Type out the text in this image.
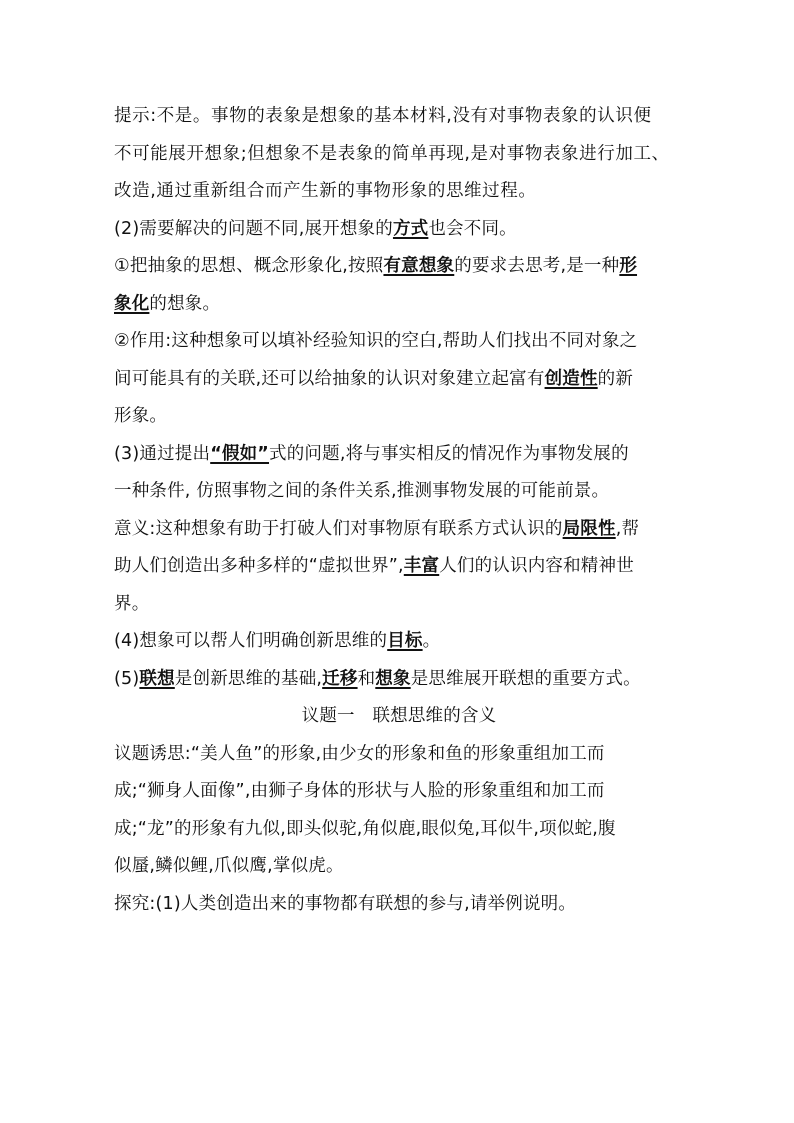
提示:不是。事物的表象是想象的基本材料,没有对事物表象的认识便
不可能展开想象;但想象不是表象的简单再现,是对事物表象进行加工、
改造,通过重新组合而产生新的事物形象的思维过程。
(2)需要解决的问题不同,展开想象的方式也会不同。
①把抽象的思想、概念形象化,按照有意想象的要求去思考,是一种形
象化的想象。
②作用:这种想象可以填补经验知识的空白,帮助人们找出不同对象之
间可能具有的关联,还可以给抽象的认识对象建立起富有创造性的新
形象。
(3)通过提出“假如”式的问题,将与事实相反的情况作为事物发展的
一种条件, 仿照事物之间的条件关系,推测事物发展的可能前景。
意义:这种想象有助于打破人们对事物原有联系方式认识的局限性,帮
助人们创造出多种多样的“虚拟世界”,丰富人们的认识内容和精神世
界。
(4)想象可以帮人们明确创新思维的目标。
(5)联想是创新思维的基础,迁移和想象是思维展开联想的重要方式。
议题一　联想思维的含义
议题诱思:“美人鱼”的形象,由少女的形象和鱼的形象重组加工而
成;“狮身人面像”,由狮子身体的形状与人脸的形象重组和加工而
成;“龙”的形象有九似,即头似驼,角似鹿,眼似兔,耳似牛,项似蛇,腹
似蜃,鳞似鲤,爪似鹰,掌似虎。
探究:(1)人类创造出来的事物都有联想的参与,请举例说明。
